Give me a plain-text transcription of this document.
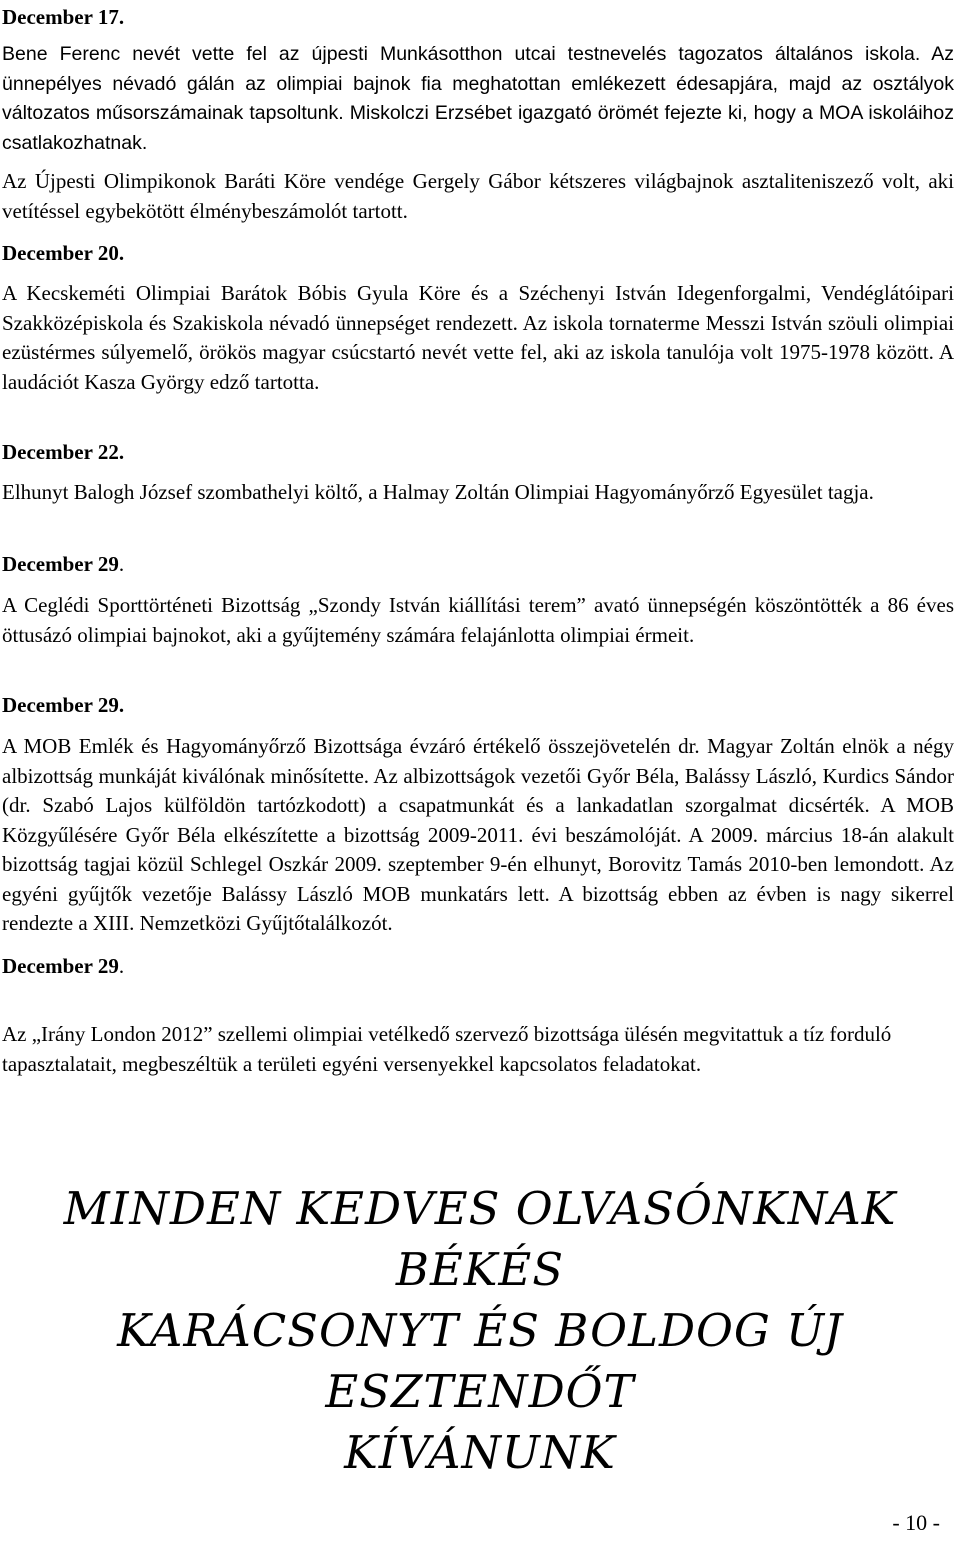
December 17.
Bene Ferenc nevét vette fel az újpesti Munkásotthon utcai testnevelés tagozatos általános iskola. Az ünnepélyes névadó gálán az olimpiai bajnok fia meghatottan emlékezett édesapjára, majd az osztályok változatos műsorszámainak tapsoltunk. Miskolczi Erzsébet igazgató örömét fejezte ki, hogy a MOA iskoláihoz csatlakozhatnak.
Az Újpesti Olimpikonok Baráti Köre vendége Gergely Gábor kétszeres világbajnok asztaliteniszező volt, aki vetítéssel egybekötött élménybeszámolót tartott.
December 20.
A Kecskeméti Olimpiai Barátok Bóbis Gyula Köre és a Széchenyi István Idegenforgalmi, Vendéglátóipari Szakközépiskola és Szakiskola névadó ünnepséget rendezett. Az iskola tornaterme Messzi István szöuli olimpiai ezüstérmes súlyemelő, örökös magyar csúcstartó nevét vette fel, aki az iskola tanulója volt 1975-1978 között. A laudációt Kasza György edző tartotta.
December 22.
Elhunyt Balogh József szombathelyi költő, a Halmay Zoltán Olimpiai Hagyományőrző Egyesület tagja.
December 29.
A Ceglédi Sporttörténeti Bizottság „Szondy István kiállítási terem” avató ünnepségén köszöntötték a 86 éves öttusázó olimpiai bajnokot, aki a gyűjtemény számára felajánlotta olimpiai érmeit.
December 29.
A MOB Emlék és Hagyományőrző Bizottsága évzáró értékelő összejövetelén dr. Magyar Zoltán elnök a négy albizottság munkáját kiválónak minősítette. Az albizottságok vezetői Győr Béla, Balássy László, Kurdics Sándor (dr. Szabó Lajos külföldön tartózkodott) a csapatmunkát és a lankadatlan szorgalmat dicsérték. A MOB Közgyűlésére Győr Béla elkészítette a bizottság 2009-2011. évi beszámolóját. A 2009. március 18-án alakult bizottság tagjai közül Schlegel Oszkár 2009. szeptember 9-én elhunyt, Borovitz Tamás 2010-ben lemondott. Az egyéni gyűjtők vezetője Balássy László MOB munkatárs lett. A bizottság ebben az évben is nagy sikerrel rendezte a XIII. Nemzetközi Gyűjtőtalálkozót.
December 29.
Az „Irány London 2012” szellemi olimpiai vetélkedő szervező bizottsága ülésén megvitattuk a tíz forduló tapasztalatait, megbeszéltük a területi egyéni versenyekkel kapcsolatos feladatokat.
MINDEN KEDVES OLVASÓNKNAK
BÉKÉS
KARÁCSONYT ÉS BOLDOG ÚJ
ESZTENDŐT
KÍVÁNUNK
- 10 -
